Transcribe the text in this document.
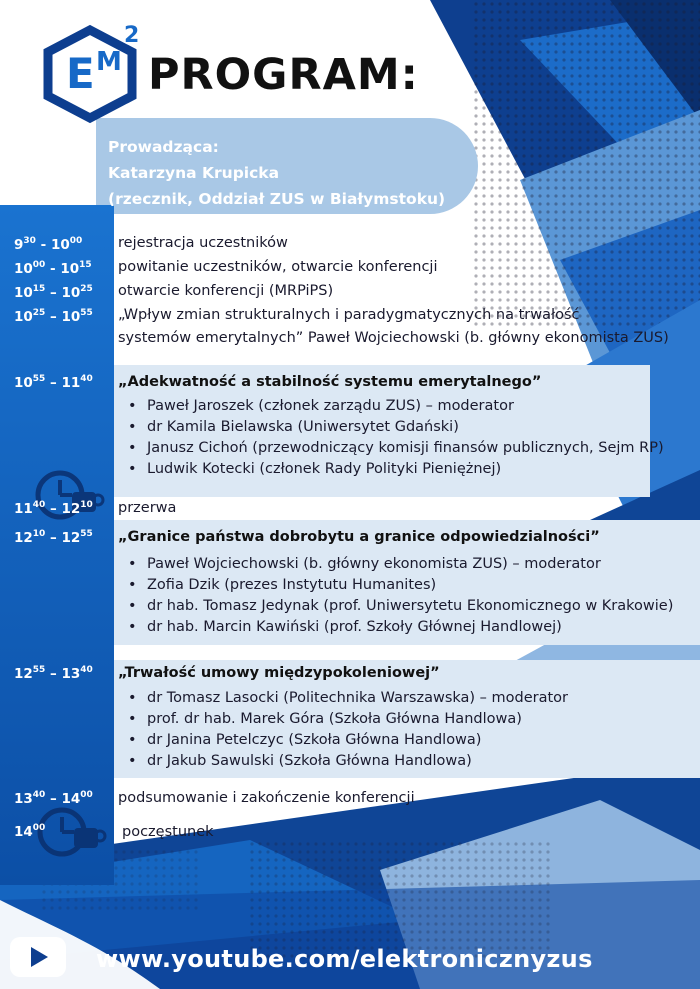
E M
2
PROGRAM:
Prowadząca:
Katarzyna Krupicka
(rzecznik, Oddział ZUS w Białymstoku)
$9^{30} - 10^{00}$
$10^{00} - 10^{15}$
$10^{15} - 10^{25}$
$10^{25} - 10^{55}$
$10^{55} - 11^{40}$
$11^{40} - 12^{10}$
$12^{10} - 12^{55}$
$12^{55} - 13^{40}$
$13^{40} - 14^{00}$
$14^{00}$
rejestracja uczestników
powitanie uczestników, otwarcie konferencji
otwarcie konferencji (MRPiPS)
„Wpływ zmian strukturalnych i paradygmatycznych na trwałość
systemów emerytalnych” Paweł Wojciechowski (b. główny ekonomista ZUS)
„Adekwatność a stabilność systemu emerytalnego”
• Paweł Jaroszek (członek zarządu ZUS) – moderator
• dr Kamila Bielawska (Uniwersytet Gdański)
• Janusz Cichoń (przewodniczący komisji finansów publicznych, Sejm RP)
• Ludwik Kotecki (członek Rady Polityki Pieniężnej)
przerwa
„Granice państwa dobrobytu a granice odpowiedzialności”
• Paweł Wojciechowski (b. główny ekonomista ZUS) – moderator
• Zofia Dzik (prezes Instytutu Humanites)
• dr hab. Tomasz Jedynak (prof. Uniwersytetu Ekonomicznego w Krakowie)
• dr hab. Marcin Kawiński (prof. Szkoły Głównej Handlowej)
„Trwałość umowy międzypokoleniowej”
• dr Tomasz Lasocki (Politechnika Warszawska) – moderator
• prof. dr hab. Marek Góra (Szkoła Główna Handlowa)
• dr Janina Petelczyc (Szkoła Główna Handlowa)
• dr Jakub Sawulski (Szkoła Główna Handlowa)
podsumowanie i zakończenie konferencji
poczęstunek
www.youtube.com/elektronicznyzus
